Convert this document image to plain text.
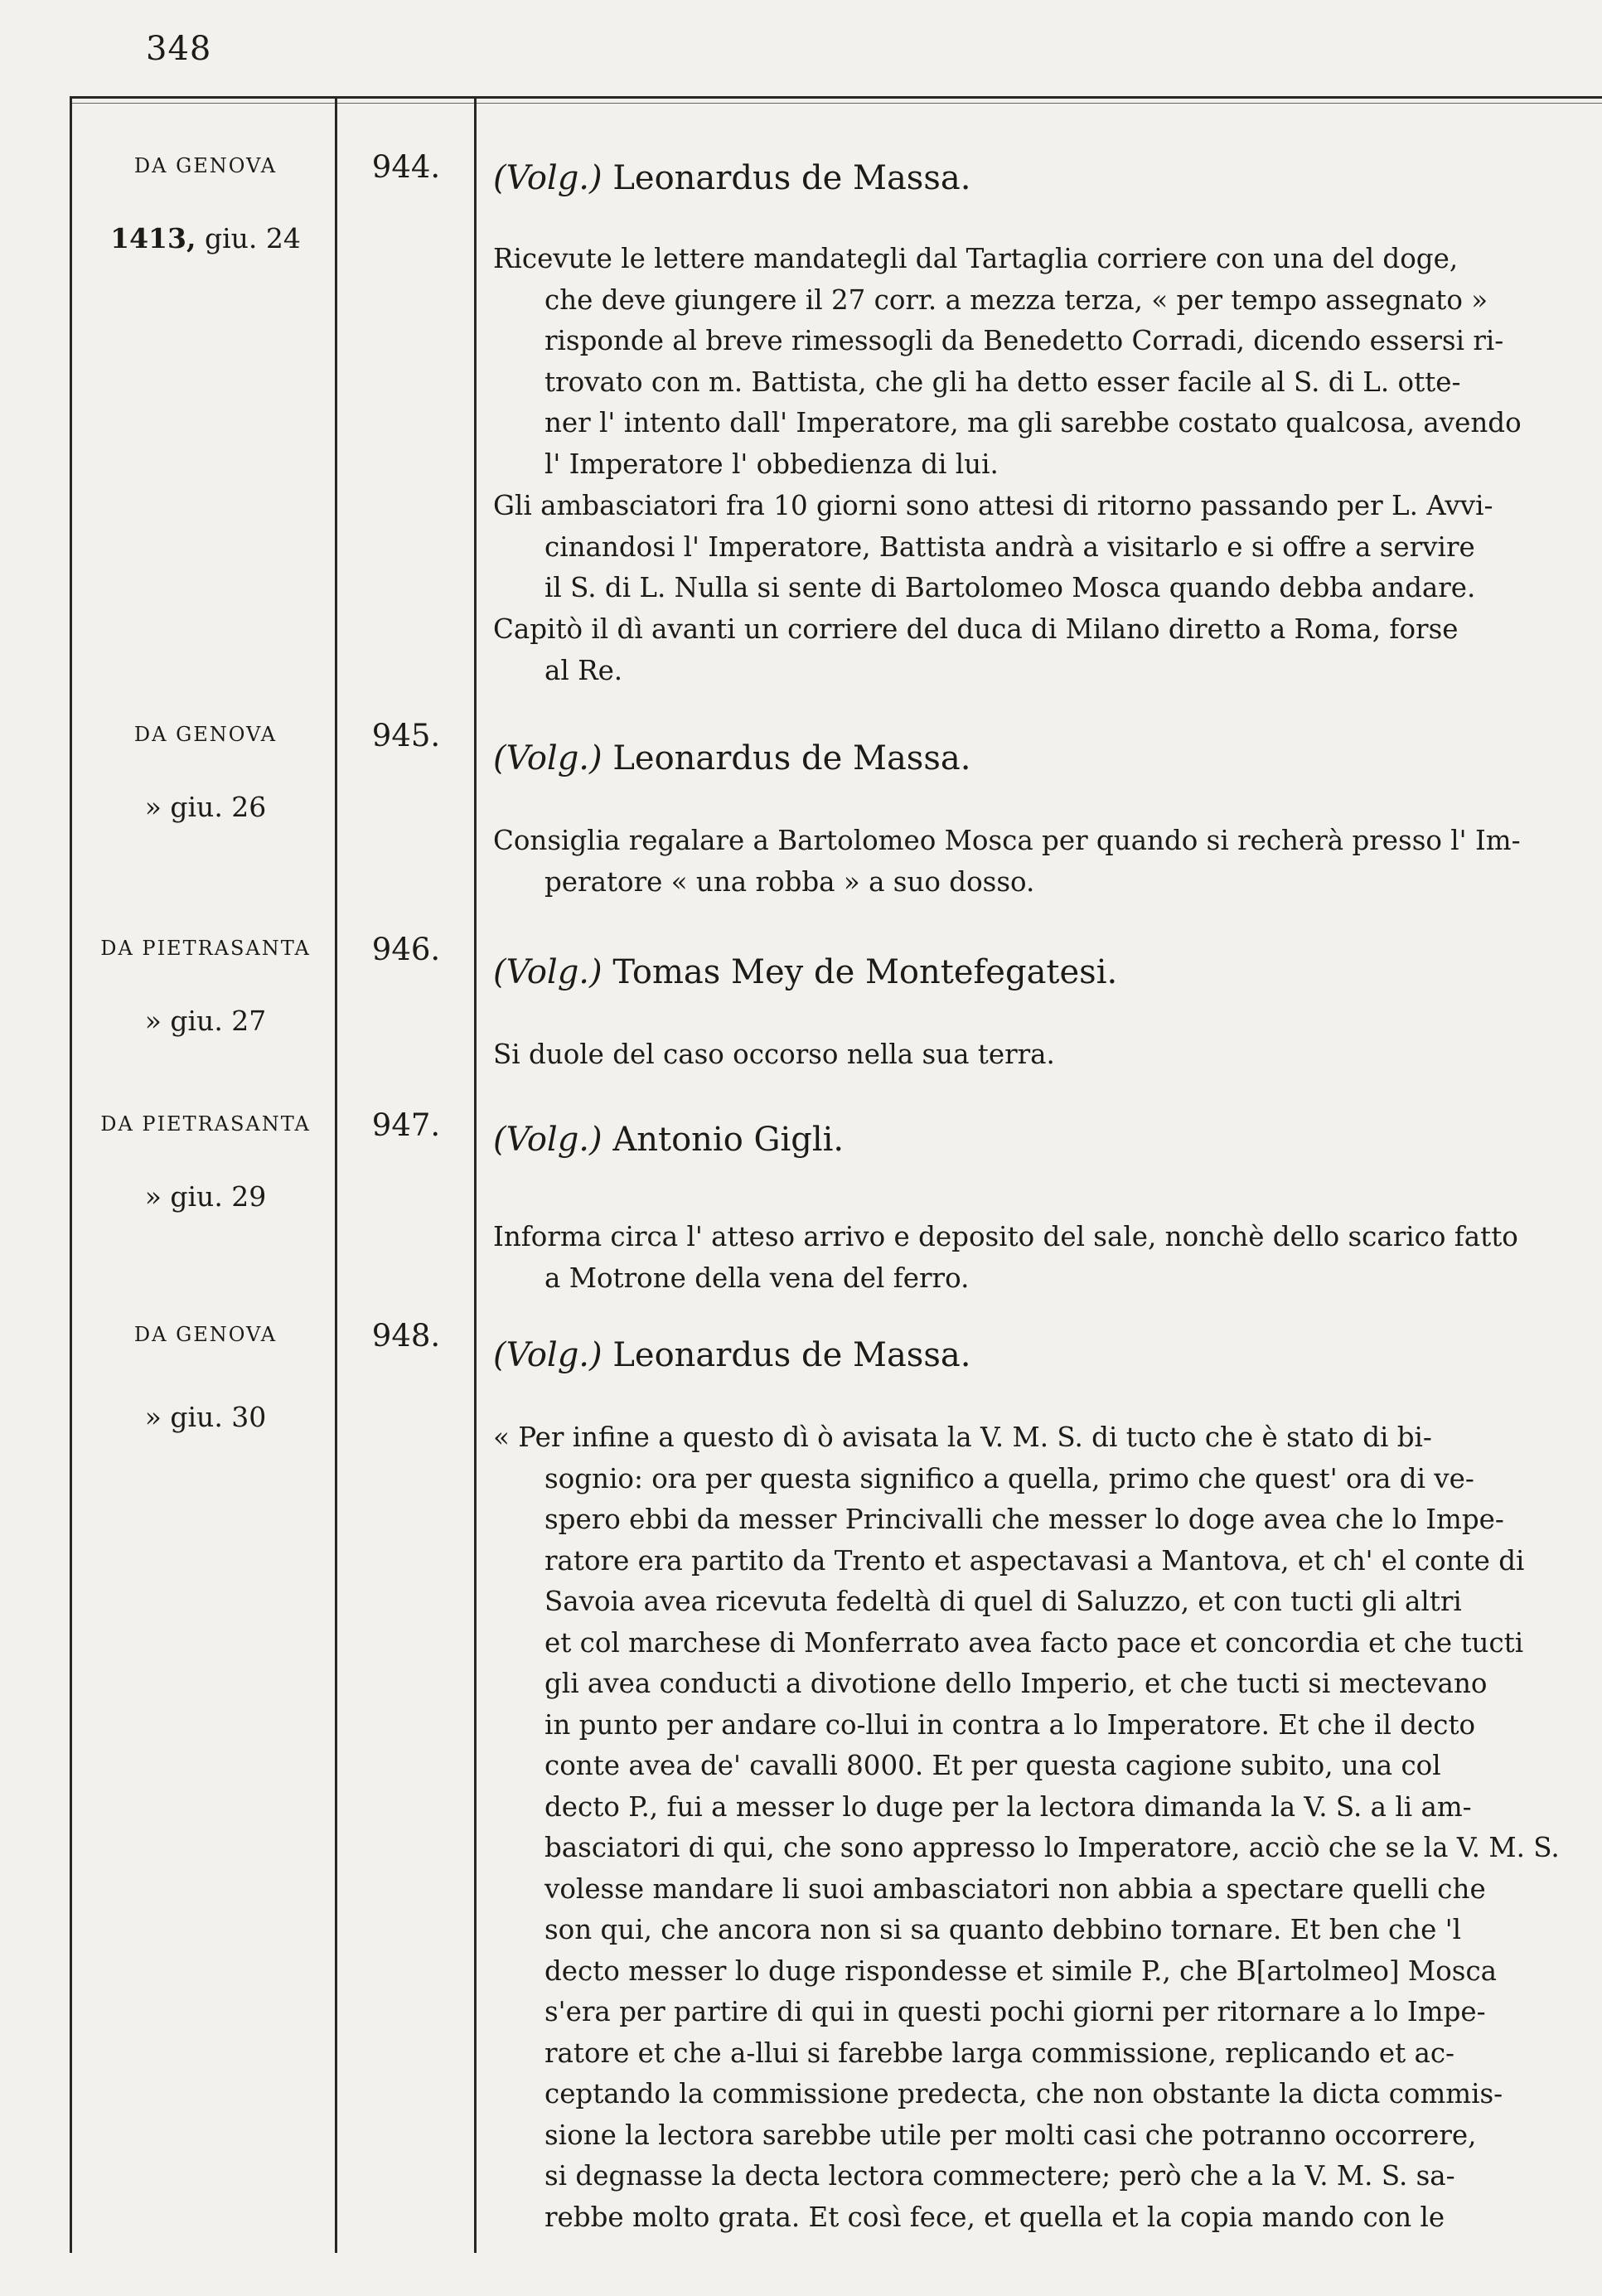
348
DA GENOVA
1413, giu. 24
944.	(Volg.) Leonardus de Massa.
Ricevute le lettere mandategli dal Tartaglia corriere con una del doge,
che deve giungere il 27 corr. a mezza terza, « per tempo assegnato »
risponde al breve rimessogli da Benedetto Corradi, dicendo essersi ri-
trovato con m. Battista, che gli ha detto esser facile al S. di L. otte-
ner l' intento dall' Imperatore, ma gli sarebbe costato qualcosa, avendo
l' Imperatore l' obbedienza di lui.
Gli ambasciatori fra 10 giorni sono attesi di ritorno passando per L. Avvi-
cinandosi l' Imperatore, Battista andrà a visitarlo e si offre a servire
il S. di L. Nulla si sente di Bartolomeo Mosca quando debba andare.
Capitò il dì avanti un corriere del duca di Milano diretto a Roma, forse
al Re.
DA GENOVA
» giu. 26
945.
(Volg.) Leonardus de Massa.
Consiglia regalare a Bartolomeo Mosca per quando si recherà presso l' Im-
peratore « una robba » a suo dosso.
DA PIETRASANTA
» giu. 27
946.
(Volg.) Tomas Mey de Montefegatesi.
Si duole del caso occorso nella sua terra.
DA PIETRASANTA
» giu. 29
947.	(Volg.) Antonio Gigli.
Informa circa l' atteso arrivo e deposito del sale, nonchè dello scarico fatto
a Motrone della vena del ferro.
DA GENOVA
» giu. 30
948.
(Volg.) Leonardus de Massa.
« Per infine a questo dì ò avisata la V. M. S. di tucto che è stato di bi-
sognio: ora per questa significo a quella, primo che quest' ora di ve-
spero ebbi da messer Princivalli che messer lo doge avea che lo Impe-
ratore era partito da Trento et aspectavasi a Mantova, et ch' el conte di
Savoia avea ricevuta fedeltà di quel di Saluzzo, et con tucti gli altri
et col marchese di Monferrato avea facto pace et concordia et che tucti
gli avea conducti a divotione dello Imperio, et che tucti si mectevano
in punto per andare co-llui in contra a lo Imperatore. Et che il decto
conte avea de' cavalli 8000. Et per questa cagione subito, una col
decto P., fui a messer lo duge per la lectora dimanda la V. S. a li am-
basciatori di qui, che sono appresso lo Imperatore, acciò che se la V. M. S.
volesse mandare li suoi ambasciatori non abbia a spectare quelli che
son qui, che ancora non si sa quanto debbino tornare. Et ben che 'l
decto messer lo duge rispondesse et simile P., che B[artolmeo] Mosca
s'era per partire di qui in questi pochi giorni per ritornare a lo Impe-
ratore et che a-llui si farebbe larga commissione, replicando et ac-
ceptando la commissione predecta, che non obstante la dicta commis-
sione la lectora sarebbe utile per molti casi che potranno occorrere,
si degnasse la decta lectora commectere; però che a la V. M. S. sa-
rebbe molto grata. Et così fece, et quella et la copia mando con le
